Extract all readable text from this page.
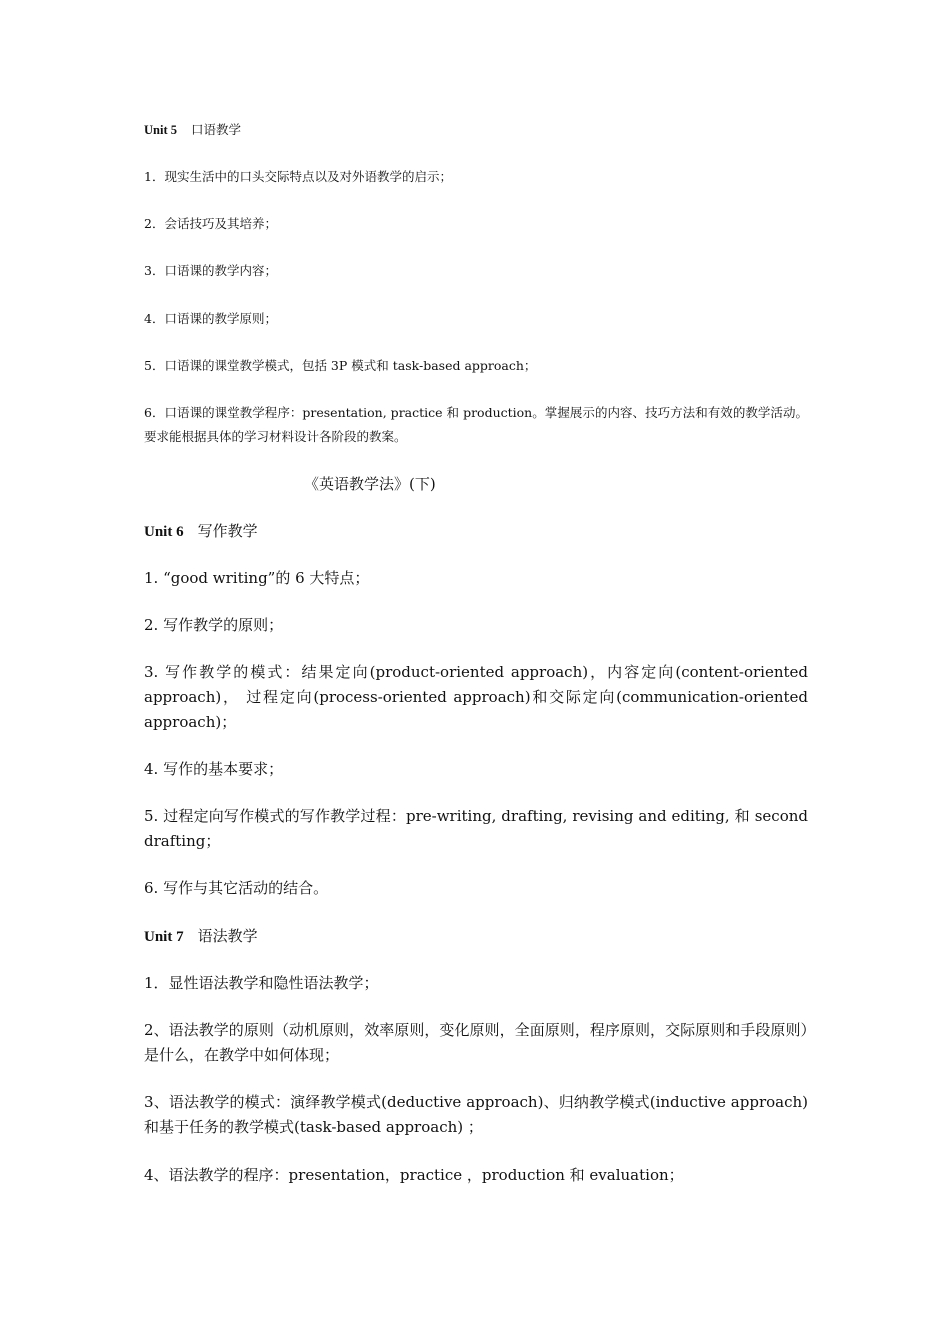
Unit 5 口语教学

1．现实生活中的口头交际特点以及对外语教学的启示；

2．会话技巧及其培养；

3．口语课的教学内容；

4．口语课的教学原则；

5．口语课的课堂教学模式，包括 3P 模式和 task-based approach；

6．口语课的课堂教学程序：presentation, practice 和 production。掌握展示的内容、技巧方法和有效的教学活动。要求能根据具体的学习材料设计各阶段的教案。

《英语教学法》(下)

Unit 6 写作教学

1. “good writing”的 6 大特点；

2. 写作教学的原则；

3. 写作教学的模式：结果定向(product-oriented approach)，内容定向(content-oriented approach)， 过程定向(process-oriented approach)和交际定向(communication-oriented approach)；

4. 写作的基本要求；

5. 过程定向写作模式的写作教学过程：pre-writing, drafting, revising and editing, 和 second drafting；

6. 写作与其它活动的结合。

Unit 7 语法教学

1．显性语法教学和隐性语法教学；

2、语法教学的原则（动机原则，效率原则，变化原则，全面原则，程序原则，交际原则和手段原则）是什么，在教学中如何体现；

3、语法教学的模式：演绎教学模式(deductive approach)、归纳教学模式(inductive approach)和基于任务的教学模式(task-based approach) ；

4、语法教学的程序：presentation，practice ，production 和 evaluation；
